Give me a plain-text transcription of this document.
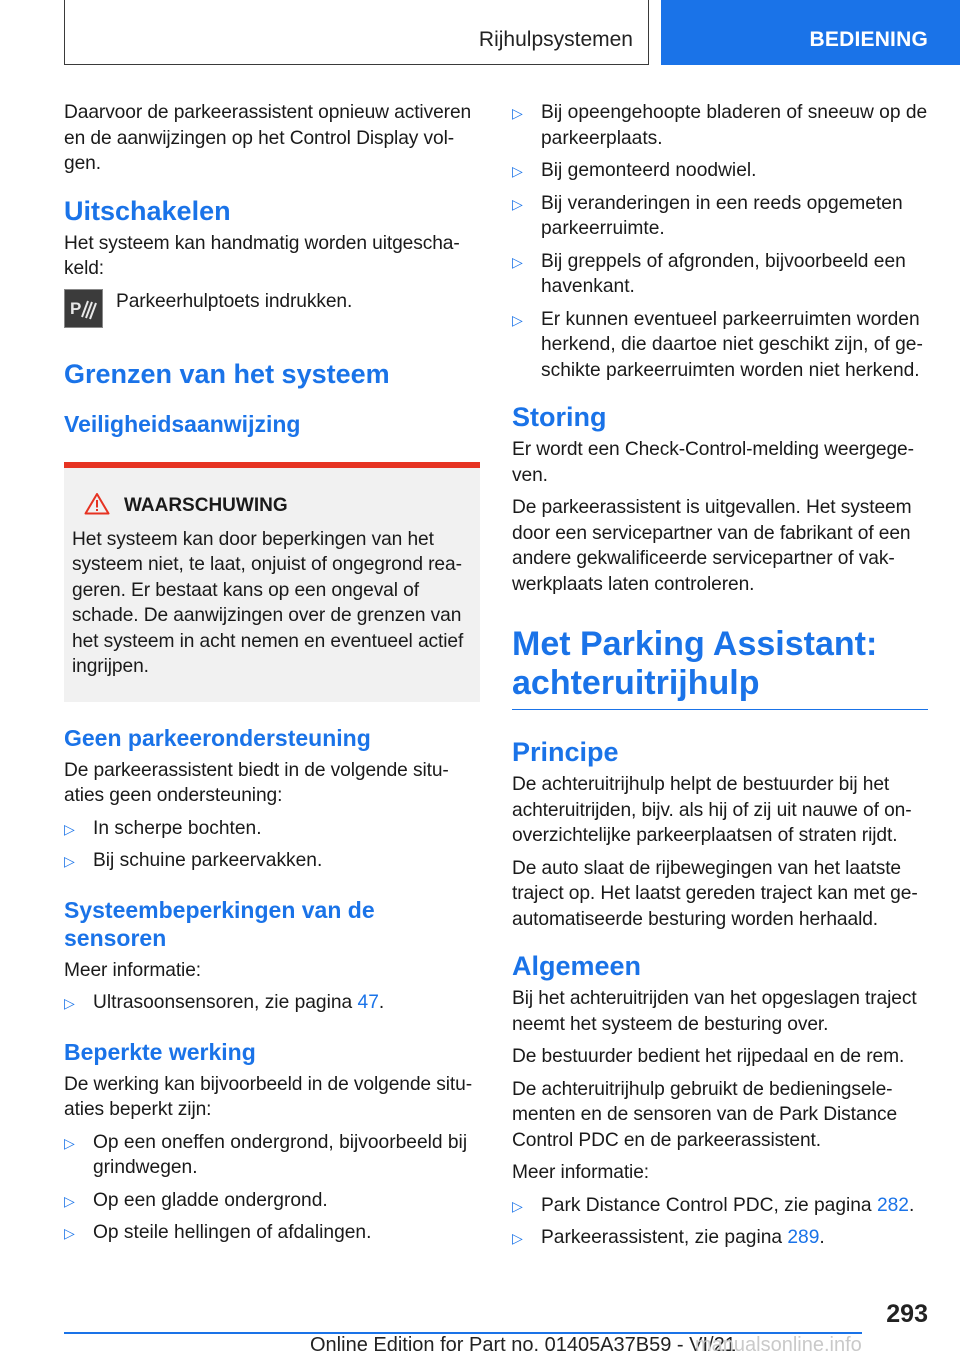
Rijhulpsystemen	BEDIENING

Daarvoor de parkeerassistent opnieuw activeren en de aanwijzingen op het Control Display volgen.

Uitschakelen

Het systeem kan handmatig worden uitgeschakeld:

P Parkeerhulptoets indrukken.

Grenzen van het systeem
Veiligheidsaanwijzing
WAARSCHUWING

Het systeem kan door beperkingen van het systeem niet, te laat, onjuist of ongegrond reageren. Er bestaat kans op een ongeval of schade. De aanwijzingen over de grenzen van het systeem in acht nemen en eventueel actief ingrijpen.

Geen parkeerondersteuning

De parkeerassistent biedt in de volgende situaties geen ondersteuning:

▷ In scherpe bochten.
▷ Bij schuine parkeervakken.
Systeembeperkingen van de sensoren

Meer informatie:

▷ Ultrasoonsensoren, zie pagina 47.
Beperkte werking

De werking kan bijvoorbeeld in de volgende situaties beperkt zijn:

▷ Op een oneffen ondergrond, bijvoorbeeld bij grindwegen.
▷ Op een gladde ondergrond.
▷ Op steile hellingen of afdalingen.
▷ Bij opeengehoopte bladeren of sneeuw op de parkeerplaats.
▷ Bij gemonteerd noodwiel.
▷ Bij veranderingen in een reeds opgemeten parkeerruimte.
▷ Bij greppels of afgronden, bijvoorbeeld een havenkant.
▷ Er kunnen eventueel parkeerruimten worden herkend, die daartoe niet geschikt zijn, of geschikte parkeerruimten worden niet herkend.
Storing

Er wordt een Check-Control-melding weergegeven.

De parkeerassistent is uitgevallen. Het systeem door een servicepartner van de fabrikant of een andere gekwalificeerde servicepartner of vakwerkplaats laten controleren.

Met Parking Assistant:
achteruitrijhulp
Principe

De achteruitrijhulp helpt de bestuurder bij het achteruitrijden, bijv. als hij of zij uit nauwe of onoverzichtelijke parkeerplaatsen of straten rijdt.

De auto slaat de rijbewegingen van het laatste traject op. Het laatst gereden traject kan met geautomatiseerde besturing worden herhaald.

Algemeen

Bij het achteruitrijden van het opgeslagen traject neemt het systeem de besturing over.

De bestuurder bedient het rijpedaal en de rem.

De achteruitrijhulp gebruikt de bedieningselementen en de sensoren van de Park Distance Control PDC en de parkeerassistent.

Meer informatie:

▷ Park Distance Control PDC, zie pagina 282.
▷ Parkeerassistent, zie pagina 289.
293
Online Edition for Part no. 01405A37B59 - VI/21
manualsonline.info
